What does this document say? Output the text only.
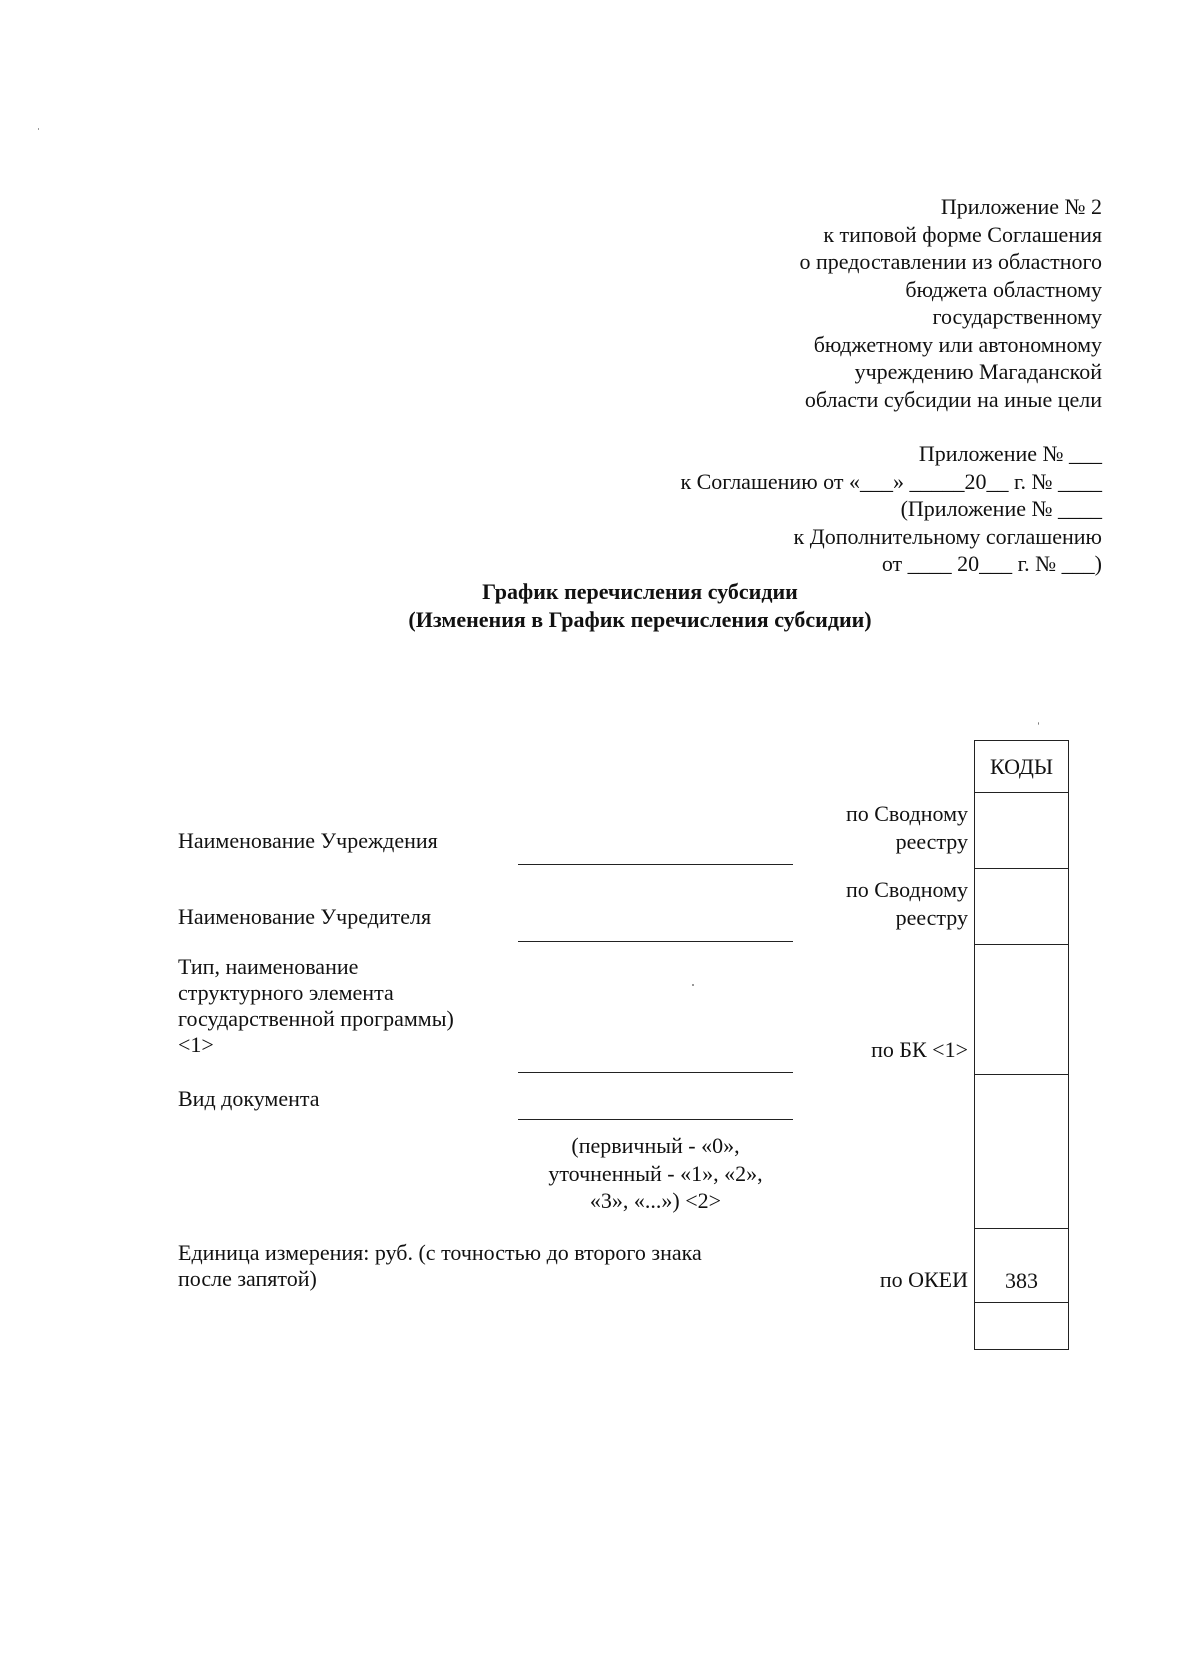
Приложение № 2
к типовой форме Соглашения
о предоставлении из областного
бюджета областному
государственному
бюджетному или автономному
учреждению Магаданской
области субсидии на иные цели
Приложение № ___
к Соглашению от «___» _____20__ г. № ____
(Приложение № ____
к Дополнительному соглашению
от ____ 20___ г. № ___)
График перечисления субсидии
(Изменения в График перечисления субсидии)
Наименование Учреждения
по Сводному
реестру
Наименование Учредителя
по Сводному
реестру
Тип, наименование
структурного элемента
государственной программы)
<1>	по БК <1>
Вид документа
(первичный - «0»,
уточненный - «1», «2»,
«3», «...») <2>
Единица измерения: руб. (с точностью до второго знака
после запятой)	по ОКЕИ
КОДЫ
383
